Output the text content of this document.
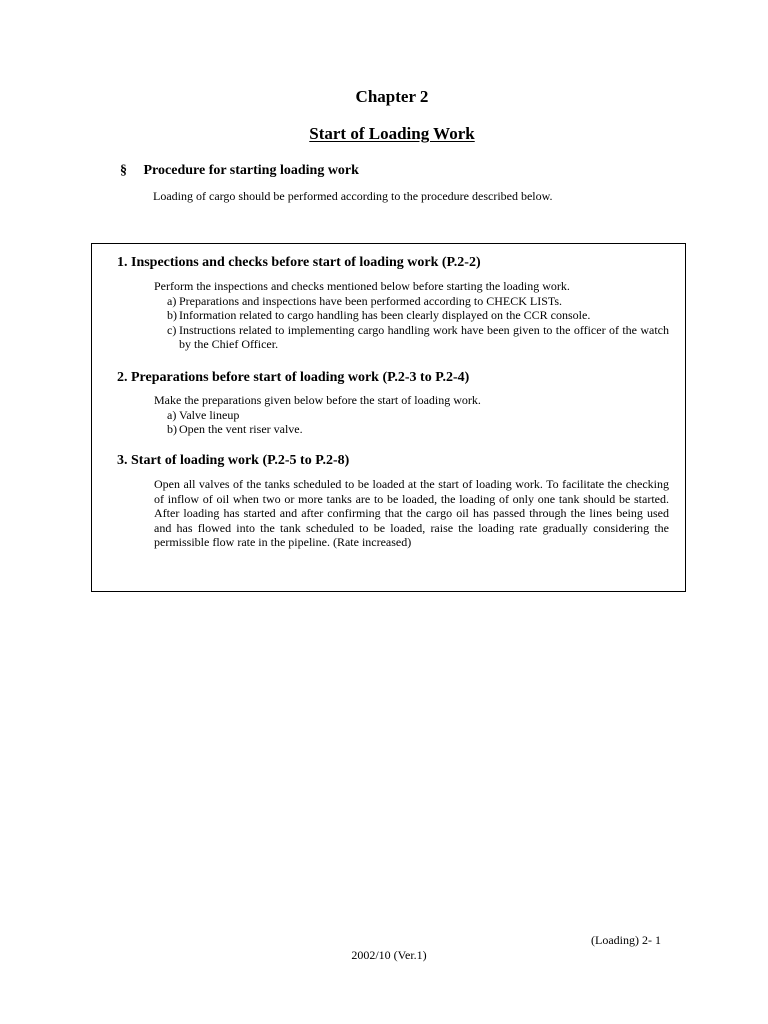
Chapter 2
Start of Loading Work
§ Procedure for starting loading work
Loading of cargo should be performed according to the procedure described below.
1. Inspections and checks before start of loading work (P.2-2)
Perform the inspections and checks mentioned below before starting the loading work.
a) Preparations and inspections have been performed according to CHECK LISTs.
b) Information related to cargo handling has been clearly displayed on the CCR console.
c) Instructions related to implementing cargo handling work have been given to the officer of the watch by the Chief Officer.
2. Preparations before start of loading work (P.2-3 to P.2-4)
Make the preparations given below before the start of loading work.
a) Valve lineup
b) Open the vent riser valve.
3. Start of loading work (P.2-5 to P.2-8)
Open all valves of the tanks scheduled to be loaded at the start of loading work. To facilitate the checking of inflow of oil when two or more tanks are to be loaded, the loading of only one tank should be started. After loading has started and after confirming that the cargo oil has passed through the lines being used and has flowed into the tank scheduled to be loaded, raise the loading rate gradually considering the permissible flow rate in the pipeline. (Rate increased)
(Loading) 2- 1
2002/10 (Ver.1)
